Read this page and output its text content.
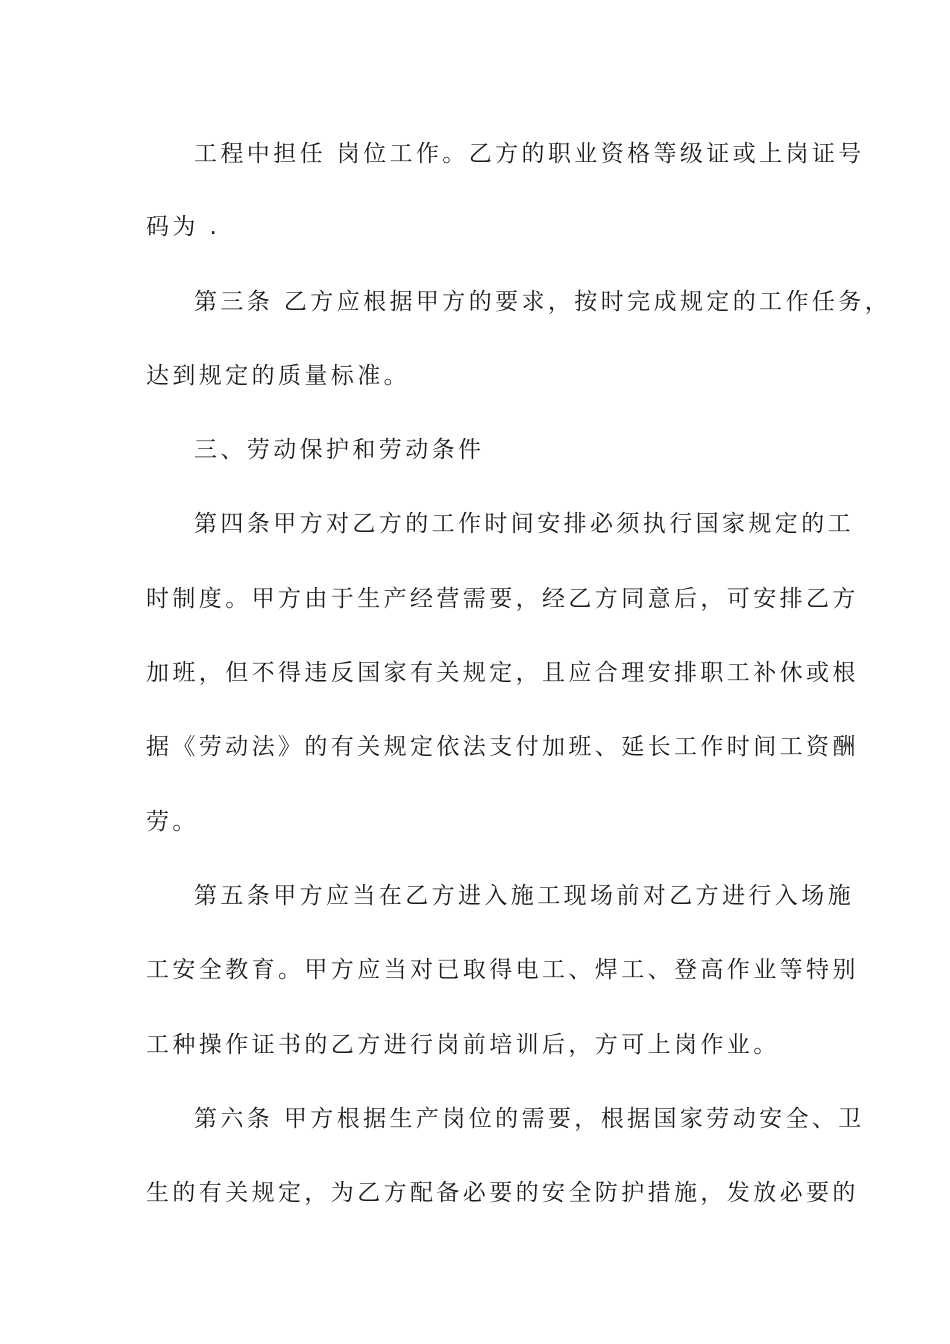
工程中担任 岗位工作。乙方的职业资格等级证或上岗证号
码为 .
第三条 乙方应根据甲方的要求，按时完成规定的工作任务，
达到规定的质量标准。
三、劳动保护和劳动条件
第四条甲方对乙方的工作时间安排必须执行国家规定的工
时制度。甲方由于生产经营需要，经乙方同意后，可安排乙方
加班，但不得违反国家有关规定，且应合理安排职工补休或根
据《劳动法》的有关规定依法支付加班、延长工作时间工资酬
劳。
第五条甲方应当在乙方进入施工现场前对乙方进行入场施
工安全教育。甲方应当对已取得电工、焊工、登高作业等特别
工种操作证书的乙方进行岗前培训后，方可上岗作业。
第六条 甲方根据生产岗位的需要，根据国家劳动安全、卫
生的有关规定，为乙方配备必要的安全防护措施，发放必要的
